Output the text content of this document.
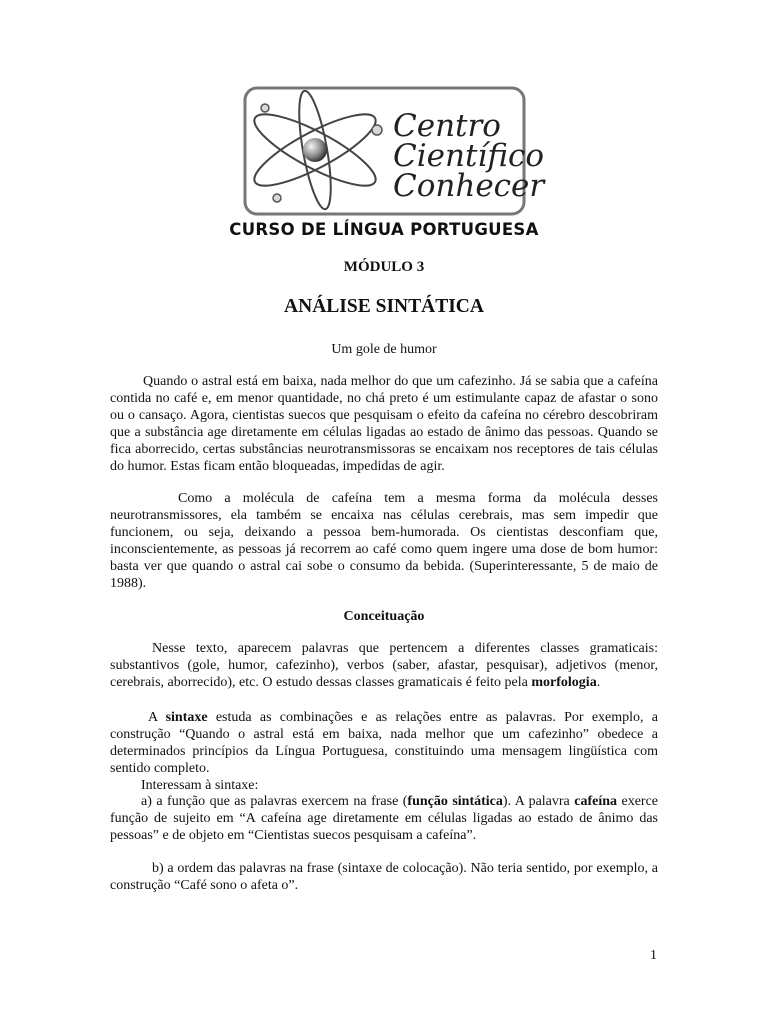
Centro
Científico
Conhecer
CURSO DE LÍNGUA PORTUGUESA
MÓDULO 3
ANÁLISE SINTÁTICA
Um gole de humor

Quando o astral está em baixa, nada melhor do que um cafezinho. Já se sabia que a cafeína contida no café e, em menor quantidade, no chá preto é um estimulante capaz de afastar o sono ou o cansaço. Agora, cientistas suecos que pesquisam o efeito da cafeína no cérebro descobriram que a substância age diretamente em células ligadas ao estado de ânimo das pessoas. Quando se fica aborrecido, certas substâncias neurotransmissoras se encaixam nos receptores de tais células do humor. Estas ficam então bloqueadas, impedidas de agir.

Como a molécula de cafeína tem a mesma forma da molécula desses neurotransmissores, ela também se encaixa nas células cerebrais, mas sem impedir que funcionem, ou seja, deixando a pessoa bem-humorada. Os cientistas desconfiam que, inconscientemente, as pessoas já recorrem ao café como quem ingere uma dose de bom humor: basta ver que quando o astral cai sobe o consumo da bebida. (Superinteressante, 5 de maio de 1988).

Conceituação

Nesse texto, aparecem palavras que pertencem a diferentes classes gramaticais: substantivos (gole, humor, cafezinho), verbos (saber, afastar, pesquisar), adjetivos (menor, cerebrais, aborrecido), etc. O estudo dessas classes gramaticais é feito pela morfologia.

A sintaxe estuda as combinações e as relações entre as palavras. Por exemplo, a construção “Quando o astral está em baixa, nada melhor que um cafezinho” obedece a determinados princípios da Língua Portuguesa, constituindo uma mensagem lingüística com sentido completo.

Interessam à sintaxe:

a) a função que as palavras exercem na frase (função sintática). A palavra cafeína exerce função de sujeito em “A cafeína age diretamente em células ligadas ao estado de ânimo das pessoas” e de objeto em “Cientistas suecos pesquisam a cafeína”.

b) a ordem das palavras na frase (sintaxe de colocação). Não teria sentido, por exemplo, a construção “Café sono o afeta o”.

1
